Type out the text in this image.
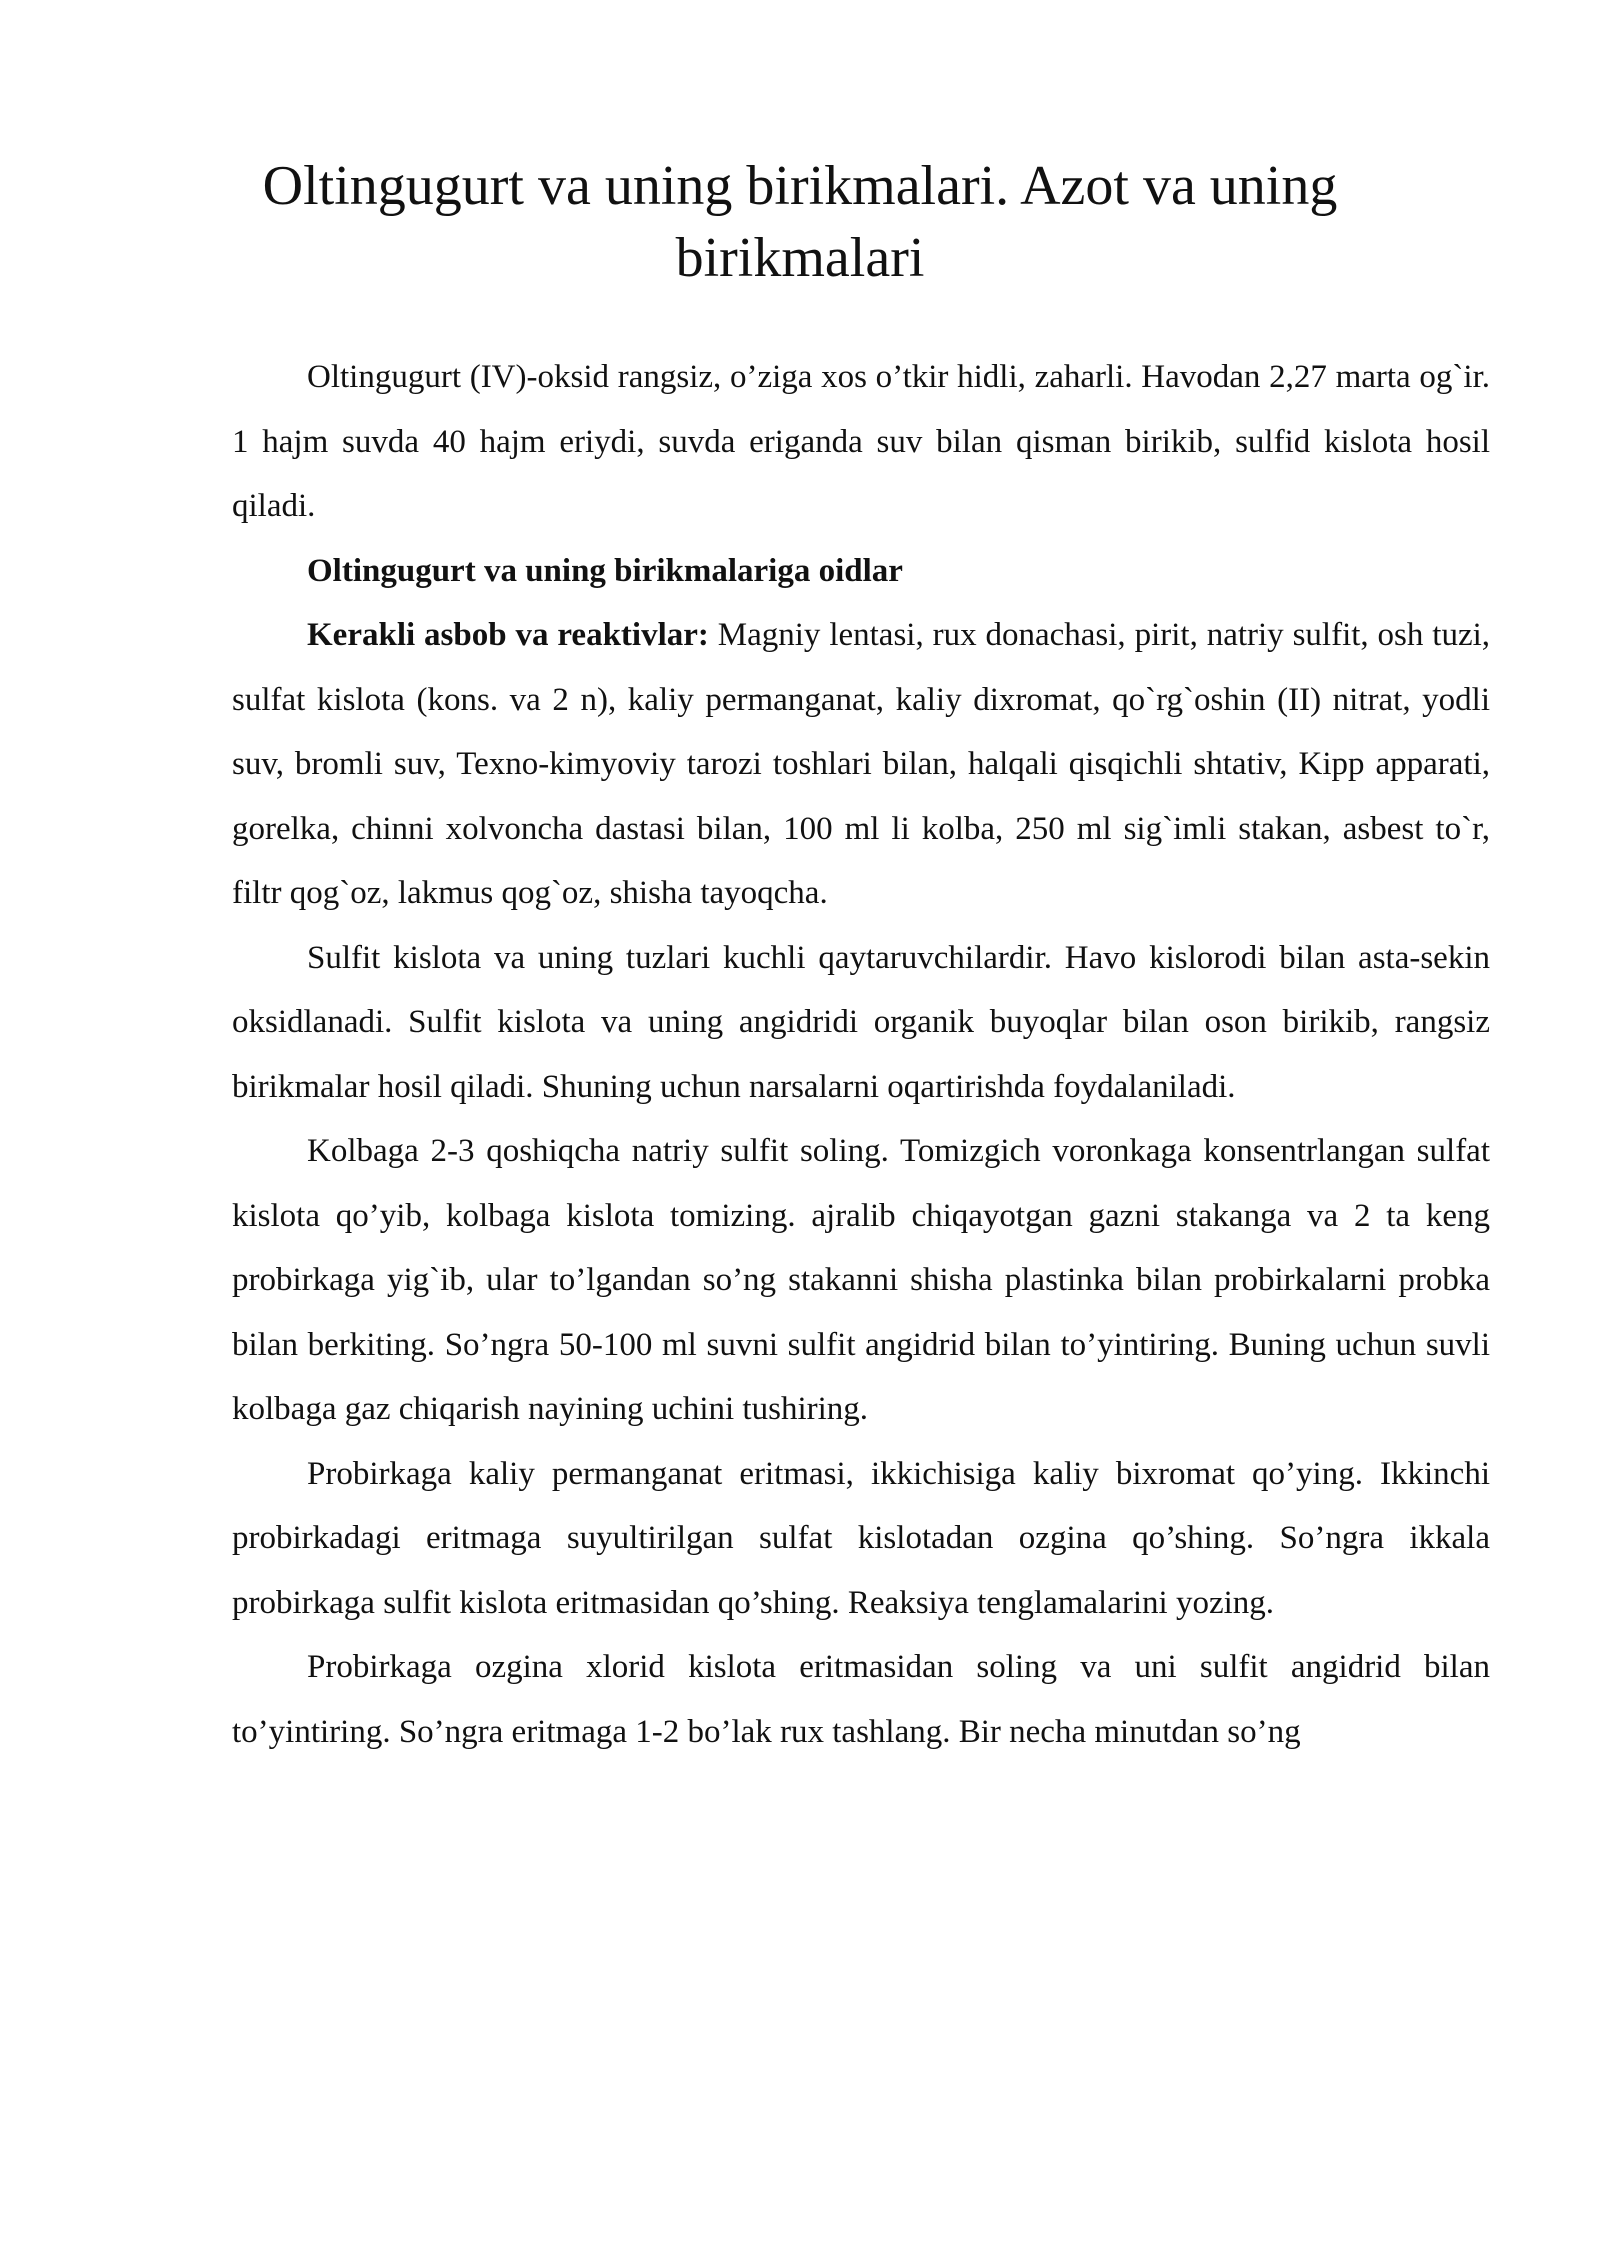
Oltingugurt va uning birikmalari. Azot va uning birikmalari

Oltingugurt (IV)-oksid rangsiz, o’ziga xos o’tkir hidli, zaharli. Havodan 2,27 marta og`ir. 1 hajm suvda 40 hajm eriydi, suvda eriganda suv bilan qisman birikib, sulfid kislota hosil qiladi.

Oltingugurt va uning birikmalariga oidlar

Kerakli asbob va reaktivlar: Magniy lentasi, rux donachasi, pirit, natriy sulfit, osh tuzi, sulfat kislota (kons. va 2 n), kaliy permanganat, kaliy dixromat, qo`rg`oshin (II) nitrat, yodli suv, bromli suv, Texno-kimyoviy tarozi toshlari bilan, halqali qisqichli shtativ, Kipp apparati, gorelka, chinni xolvoncha dastasi bilan, 100 ml li kolba, 250 ml sig`imli stakan, asbest to`r, filtr qog`oz, lakmus qog`oz, shisha tayoqcha.

Sulfit kislota va uning tuzlari kuchli qaytaruvchilardir. Havo kislorodi bilan asta-sekin oksidlanadi. Sulfit kislota va uning angidridi organik buyoqlar bilan oson birikib, rangsiz birikmalar hosil qiladi. Shuning uchun narsalarni oqartirishda foydalaniladi.

Kolbaga 2-3 qoshiqcha natriy sulfit soling. Tomizgich voronkaga konsentrlangan sulfat kislota qo’yib, kolbaga kislota tomizing. ajralib chiqayotgan gazni stakanga va 2 ta keng probirkaga yig`ib, ular to’lgandan so’ng stakanni shisha plastinka bilan probirkalarni probka bilan berkiting. So’ngra 50-100 ml suvni sulfit angidrid bilan to’yintiring. Buning uchun suvli kolbaga gaz chiqarish nayining uchini tushiring.

Probirkaga kaliy permanganat eritmasi, ikkichisiga kaliy bixromat qo’ying. Ikkinchi probirkadagi eritmaga suyultirilgan sulfat kislotadan ozgina qo’shing. So’ngra ikkala probirkaga sulfit kislota eritmasidan qo’shing. Reaksiya tenglamalarini yozing.

Probirkaga ozgina xlorid kislota eritmasidan soling va uni sulfit angidrid bilan to’yintiring. So’ngra eritmaga 1-2 bo’lak rux tashlang. Bir necha minutdan so’ng
